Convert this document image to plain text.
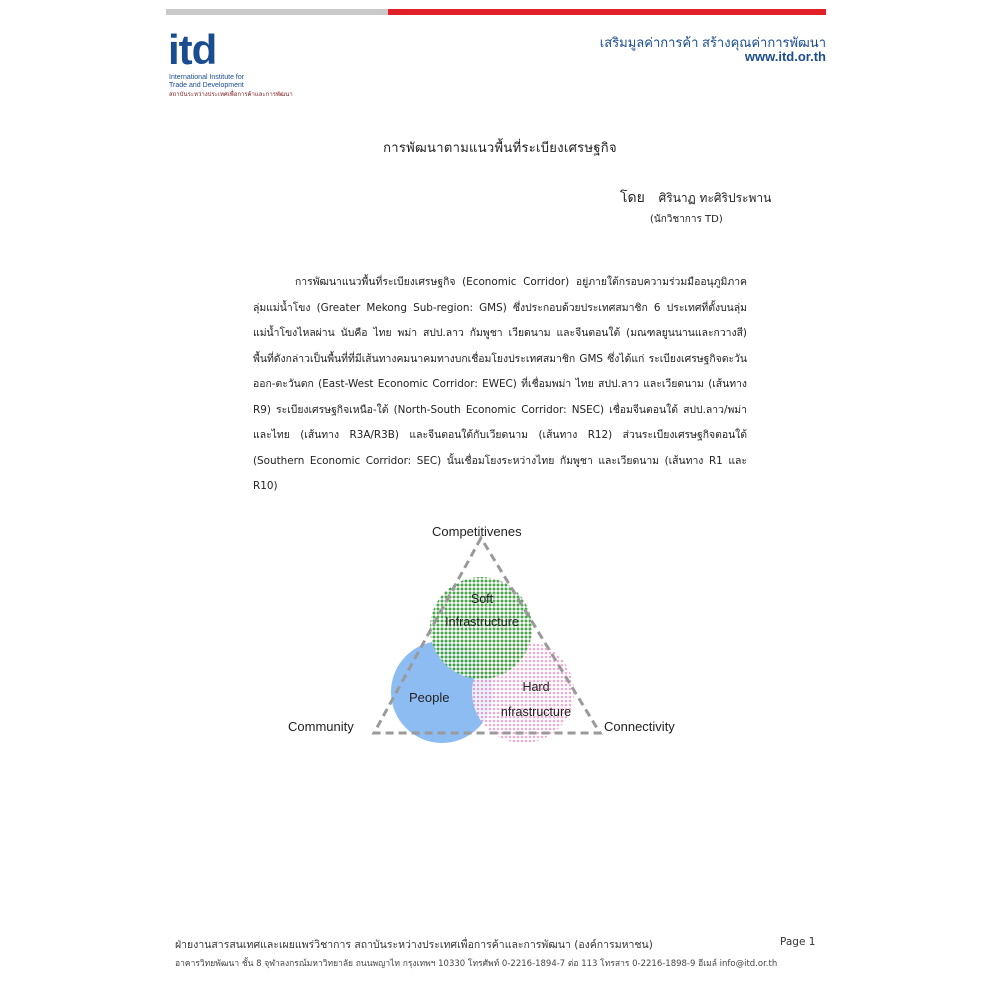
itd
International Institute for
Trade and Development
สถาบันระหว่างประเทศเพื่อการค้าและการพัฒนา
เสริมมูลค่าการค้า สร้างคุณค่าการพัฒนา
www.itd.or.th
การพัฒนาตามแนวพื้นที่ระเบียงเศรษฐกิจ
โดย ศิรินาฏ ทะศิริประพาน
(นักวิชาการ TD)

การพัฒนาแนวพื้นที่ระเบียงเศรษฐกิจ (Economic Corridor) อยู่ภายใต้กรอบความร่วมมืออนุภูมิภาคลุ่มแม่น้ำโขง (Greater Mekong Sub-region: GMS) ซึ่งประกอบด้วยประเทศสมาชิก 6 ประเทศที่ตั้งบนลุ่มแม่น้ำโขงไหลผ่าน นับคือ ไทย พม่า สปป.ลาว กัมพูชา เวียดนาม และจีนตอนใต้ (มณฑลยูนนานและกวางสี) พื้นที่ดังกล่าวเป็นพื้นที่ที่มีเส้นทางคมนาคมทางบกเชื่อมโยงประเทศสมาชิก GMS ซึ่งได้แก่ ระเบียงเศรษฐกิจตะวันออก-ตะวันตก (East-West Economic Corridor: EWEC) ที่เชื่อมพม่า ไทย สปป.ลาว และเวียดนาม (เส้นทาง R9) ระเบียงเศรษฐกิจเหนือ-ใต้ (North-South Economic Corridor: NSEC) เชื่อมจีนตอนใต้ สปป.ลาว/พม่า และไทย (เส้นทาง R3A/R3B) และจีนตอนใต้กับเวียดนาม (เส้นทาง R12) ส่วนระเบียงเศรษฐกิจตอนใต้ (Southern Economic Corridor: SEC) นั้นเชื่อมโยงระหว่างไทย กัมพูชา และเวียดนาม (เส้นทาง R1 และ R10)

Competitivenes
Community	Connectivity
Soft
Infrastructure
People
Hard
nfrastructure
ฝ่ายงานสารสนเทศและเผยแพร่วิชาการ สถาบันระหว่างประเทศเพื่อการค้าและการพัฒนา (องค์การมหาชน)	Page 1
อาคารวิทยพัฒนา ชั้น 8 จุฬาลงกรณ์มหาวิทยาลัย ถนนพญาไท กรุงเทพฯ 10330 โทรศัพท์ 0-2216-1894-7 ต่อ 113 โทรสาร 0-2216-1898-9 อีเมล์ info@itd.or.th
